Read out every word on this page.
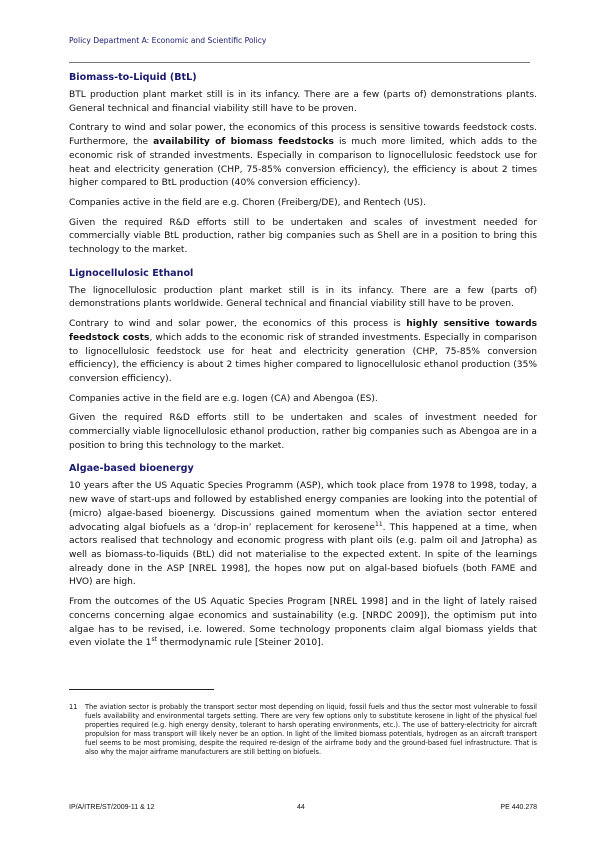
Policy Department A: Economic and Scientific Policy
Biomass-to-Liquid (BtL)

BTL production plant market still is in its infancy. There are a few (parts of) demonstrations plants. General technical and financial viability still have to be proven.

Contrary to wind and solar power, the economics of this process is sensitive towards feedstock costs. Furthermore, the availability of biomass feedstocks is much more limited, which adds to the economic risk of stranded investments. Especially in comparison to lignocellulosic feedstock use for heat and electricity generation (CHP, 75-85% conversion efficiency), the efficiency is about 2 times higher compared to BtL production (40% conversion efficiency).

Companies active in the field are e.g. Choren (Freiberg/DE), and Rentech (US).

Given the required R&D efforts still to be undertaken and scales of investment needed for commercially viable BtL production, rather big companies such as Shell are in a position to bring this technology to the market.

Lignocellulosic Ethanol

The lignocellulosic production plant market still is in its infancy. There are a few (parts of) demonstrations plants worldwide. General technical and financial viability still have to be proven.

Contrary to wind and solar power, the economics of this process is highly sensitive towards feedstock costs, which adds to the economic risk of stranded investments. Especially in comparison to lignocellulosic feedstock use for heat and electricity generation (CHP, 75-85% conversion efficiency), the efficiency is about 2 times higher compared to lignocellulosic ethanol production (35% conversion efficiency).

Companies active in the field are e.g. Iogen (CA) and Abengoa (ES).

Given the required R&D efforts still to be undertaken and scales of investment needed for commercially viable lignocellulosic ethanol production, rather big companies such as Abengoa are in a position to bring this technology to the market.

Algae-based bioenergy

10 years after the US Aquatic Species Programm (ASP), which took place from 1978 to 1998, today, a new wave of start-ups and followed by established energy companies are looking into the potential of (micro) algae-based bioenergy. Discussions gained momentum when the aviation sector entered advocating algal biofuels as a ‘drop-in’ replacement for kerosene$^{11}$. This happened at a time, when actors realised that technology and economic progress with plant oils (e.g. palm oil and Jatropha) as well as biomass-to-liquids (BtL) did not materialise to the expected extent. In spite of the learnings already done in the ASP [NREL 1998], the hopes now put on algal-based biofuels (both FAME and HVO) are high.

From the outcomes of the US Aquatic Species Program [NREL 1998] and in the light of lately raised concerns concerning algae economics and sustainability (e.g. [NRDC 2009]), the optimism put into algae has to be revised, i.e. lowered. Some technology proponents claim algal biomass yields that even violate the 1st thermodynamic rule [Steiner 2010].

11 The aviation sector is probably the transport sector most depending on liquid, fossil fuels and thus the sector most vulnerable to fossil fuels availability and environmental targets setting. There are very few options only to substitute kerosene in light of the physical fuel properties required (e.g. high energy density, tolerant to harsh operating environments, etc.). The use of battery-electricity for aircraft propulsion for mass transport will likely never be an option. In light of the limited biomass potentials, hydrogen as an aircraft transport fuel seems to be most promising, despite the required re-design of the airframe body and the ground-based fuel infrastructure. That is also why the major airframe manufacturers are still betting on biofuels.
IP/A/ITRE/ST/2009-11 & 12	44	PE 440.278
